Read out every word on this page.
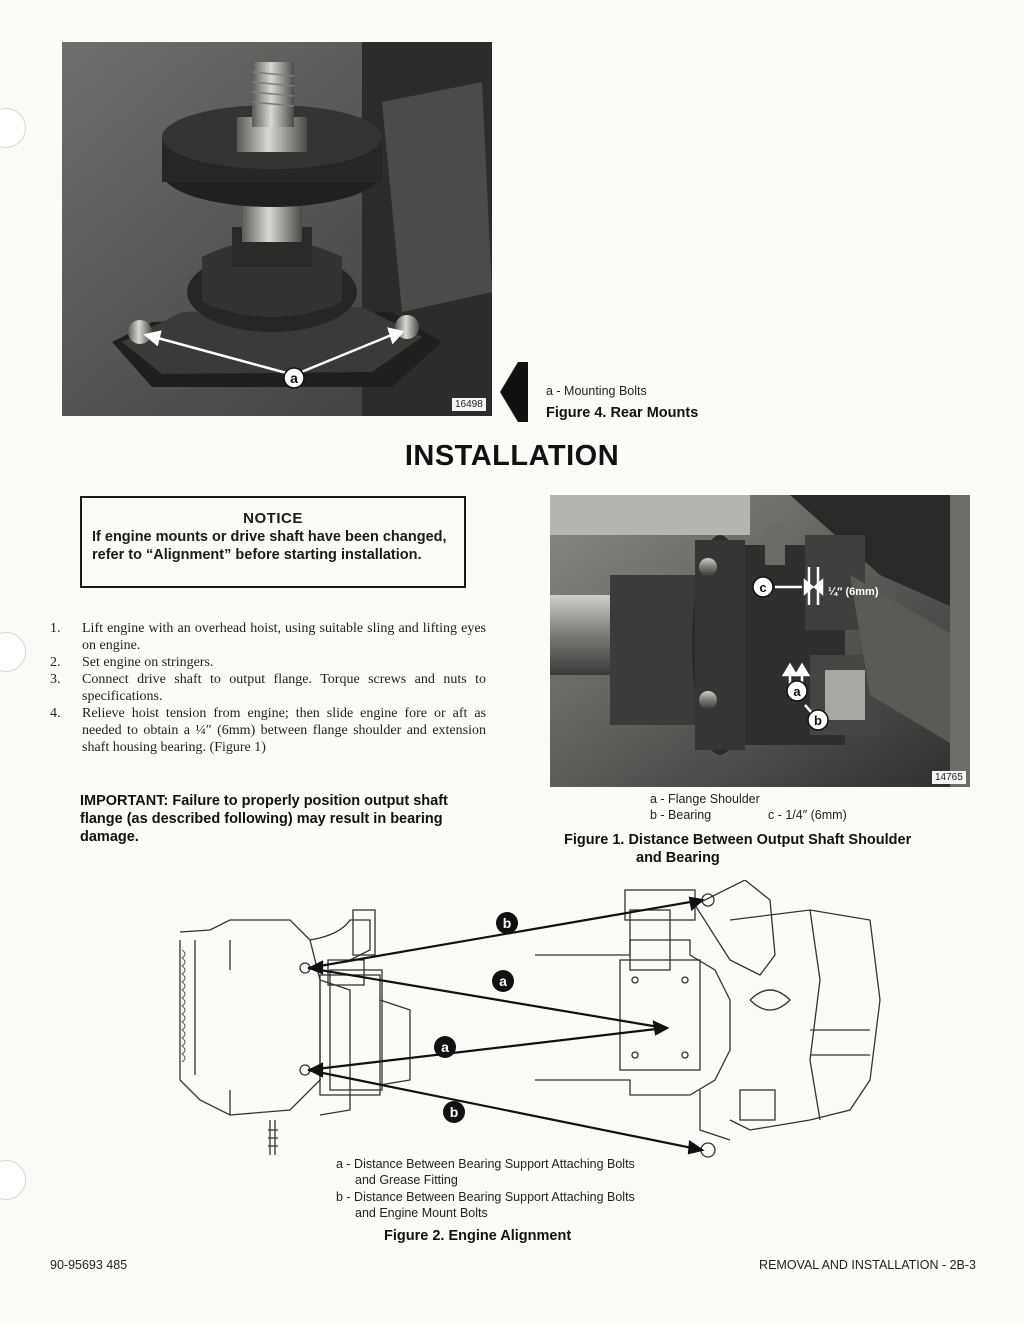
a
16498
a - Mounting Bolts
Figure 4. Rear Mounts
INSTALLATION
NOTICE
If engine mounts or drive shaft have been changed, refer to “Alignment” before starting installation.
1.	Lift engine with an overhead hoist, using suitable sling and lifting eyes on engine.
2.	Set engine on stringers.
3.	Connect drive shaft to output flange. Torque screws and nuts to specifications.
4.	Relieve hoist tension from engine; then slide engine fore or aft as needed to obtain a ¼″ (6mm) between flange shoulder and extension shaft housing bearing. (Figure 1)
IMPORTANT: Failure to properly position output shaft flange (as described following) may result in bearing damage.
c
a
b
¼″ (6mm)
14765
a - Flange Shoulder
b - Bearing	c - 1/4″ (6mm)
Figure 1. Distance Between Output Shaft Shoulder
and Bearing
b
a
a
b
a - Distance Between Bearing Support Attaching Bolts
and Grease Fitting
b - Distance Between Bearing Support Attaching Bolts
and Engine Mount Bolts
Figure 2. Engine Alignment
90-95693 485	REMOVAL AND INSTALLATION - 2B-3
